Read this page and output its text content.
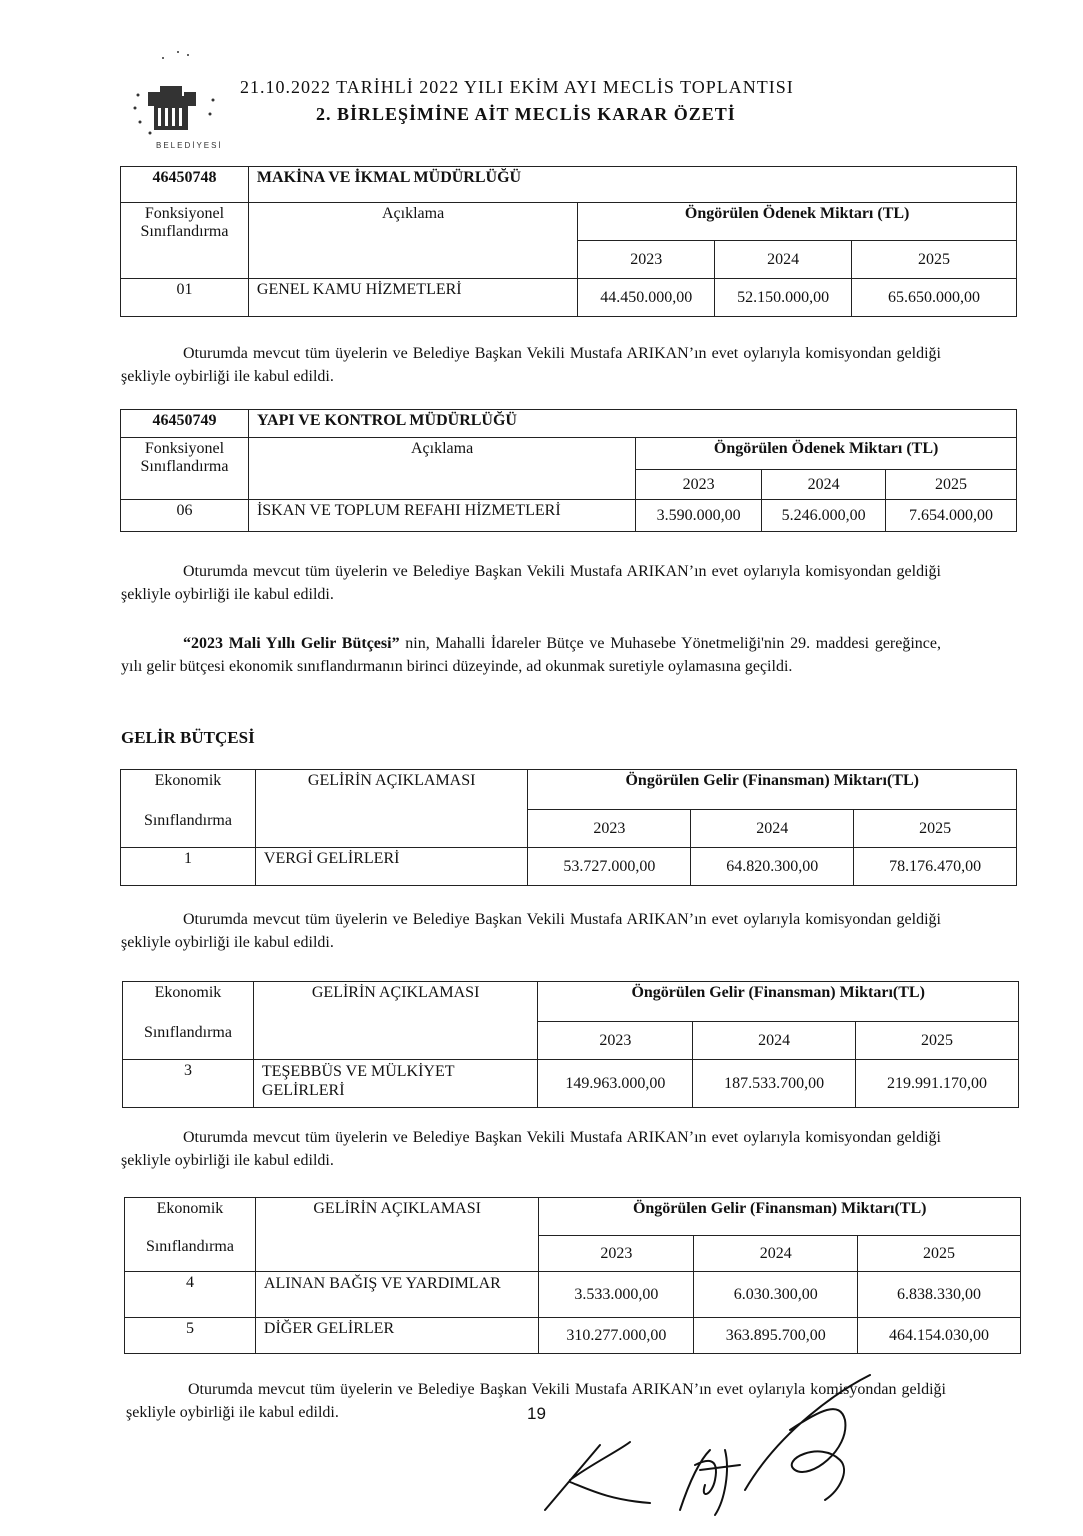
BELEDİYESİ
21.10.2022 TARİHLİ 2022 YILI EKİM AYI MECLİS TOPLANTISI
2. BİRLEŞİMİNE AİT MECLİS KARAR ÖZETİ
46450748	MAKİNA VE İKMAL MÜDÜRLÜĞÜ			
Fonksiyonel Sınıflandırma	Açıklama	Öngörülen Ödenek Miktarı (TL)		
		2023	2024	2025
01	GENEL KAMU HİZMETLERİ	44.450.000,00	52.150.000,00	65.650.000,00
Oturumda mevcut tüm üyelerin ve Belediye Başkan Vekili Mustafa ARIKAN’ın evet oylarıyla komisyondan geldiği şekliyle oybirliği ile kabul edildi.
46450749	YAPI VE KONTROL MÜDÜRLÜĞÜ			
Fonksiyonel Sınıflandırma	Açıklama	Öngörülen Ödenek Miktarı (TL)		
		2023	2024	2025
06	İSKAN VE TOPLUM REFAHI HİZMETLERİ	3.590.000,00	5.246.000,00	7.654.000,00
Oturumda mevcut tüm üyelerin ve Belediye Başkan Vekili Mustafa ARIKAN’ın evet oylarıyla komisyondan geldiği şekliyle oybirliği ile kabul edildi.
“2023 Mali Yıllı Gelir Bütçesi” nin, Mahalli İdareler Bütçe ve Muhasebe Yönetmeliği'nin 29. maddesi gereğince, yılı gelir bütçesi ekonomik sınıflandırmanın birinci düzeyinde, ad okunmak suretiyle oylamasına geçildi.
GELİR BÜTÇESİ
Ekonomik	GELİRİN AÇIKLAMASI	Öngörülen Gelir (Finansman) Miktarı(TL)		
Sınıflandırma		2023	2024	2025
1	VERGİ GELİRLERİ	53.727.000,00	64.820.300,00	78.176.470,00
Oturumda mevcut tüm üyelerin ve Belediye Başkan Vekili Mustafa ARIKAN’ın evet oylarıyla komisyondan geldiği şekliyle oybirliği ile kabul edildi.
Ekonomik	GELİRİN AÇIKLAMASI	Öngörülen Gelir (Finansman) Miktarı(TL)		
Sınıflandırma		2023	2024	2025
3	TEŞEBBÜS VE MÜLKİYET GELİRLERİ	149.963.000,00	187.533.700,00	219.991.170,00
Oturumda mevcut tüm üyelerin ve Belediye Başkan Vekili Mustafa ARIKAN’ın evet oylarıyla komisyondan geldiği şekliyle oybirliği ile kabul edildi.
Ekonomik	GELİRİN AÇIKLAMASI	Öngörülen Gelir (Finansman) Miktarı(TL)		
Sınıflandırma		2023	2024	2025
4	ALINAN BAĞIŞ VE YARDIMLAR	3.533.000,00	6.030.300,00	6.838.330,00
5	DİĞER GELİRLER	310.277.000,00	363.895.700,00	464.154.030,00
Oturumda mevcut tüm üyelerin ve Belediye Başkan Vekili Mustafa ARIKAN’ın evet oylarıyla komisyondan geldiği şekliyle oybirliği ile kabul edildi.	19
